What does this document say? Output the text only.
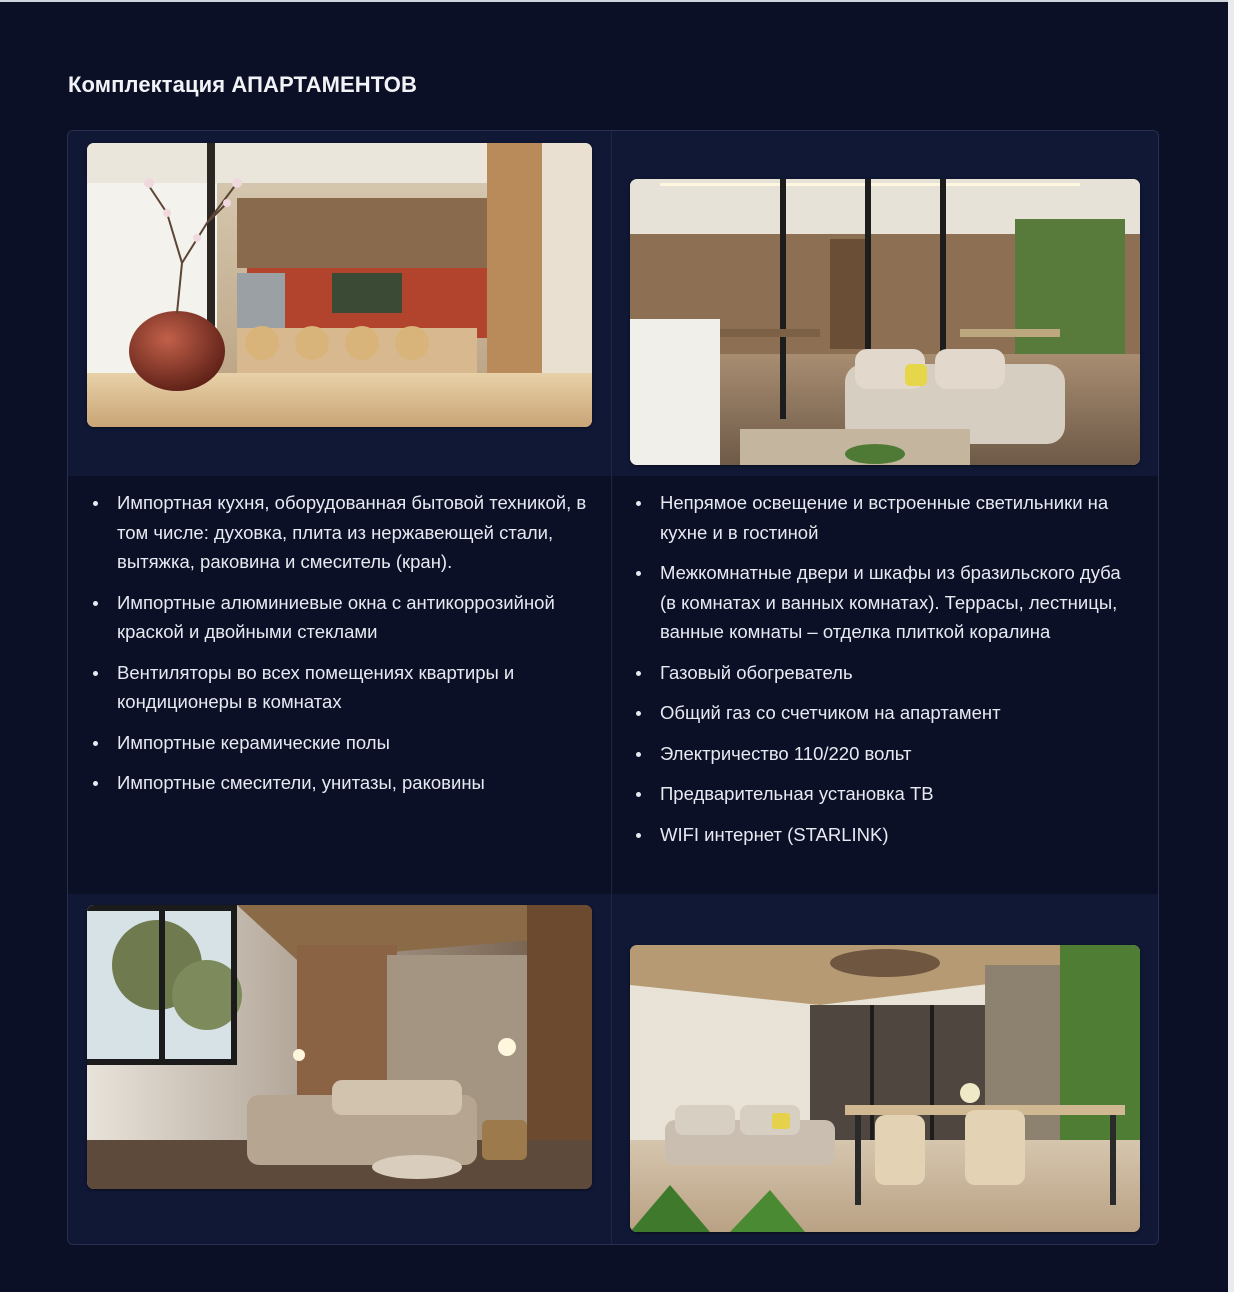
Комплектация АПАРТАМЕНТОВ
Импортная кухня, оборудованная бытовой техникой, в том числе: духовка, плита из нержавеющей стали, вытяжка, раковина и смеситель (кран).
Импортные алюминиевые окна с антикоррозийной краской и двойными стеклами
Вентиляторы во всех помещениях квартиры и кондиционеры в комнатах
Импортные керамические полы
Импортные смесители, унитазы, раковины
Непрямое освещение и встроенные светильники на кухне и в гостиной
Межкомнатные двери и шкафы из бразильского дуба (в комнатах и ванных комнатах). Террасы, лестницы, ванные комнаты – отделка плиткой коралина
Газовый обогреватель
Общий газ со счетчиком на апартамент
Электричество 110/220 вольт
Предварительная установка ТВ
WIFI интернет (STARLINK)
